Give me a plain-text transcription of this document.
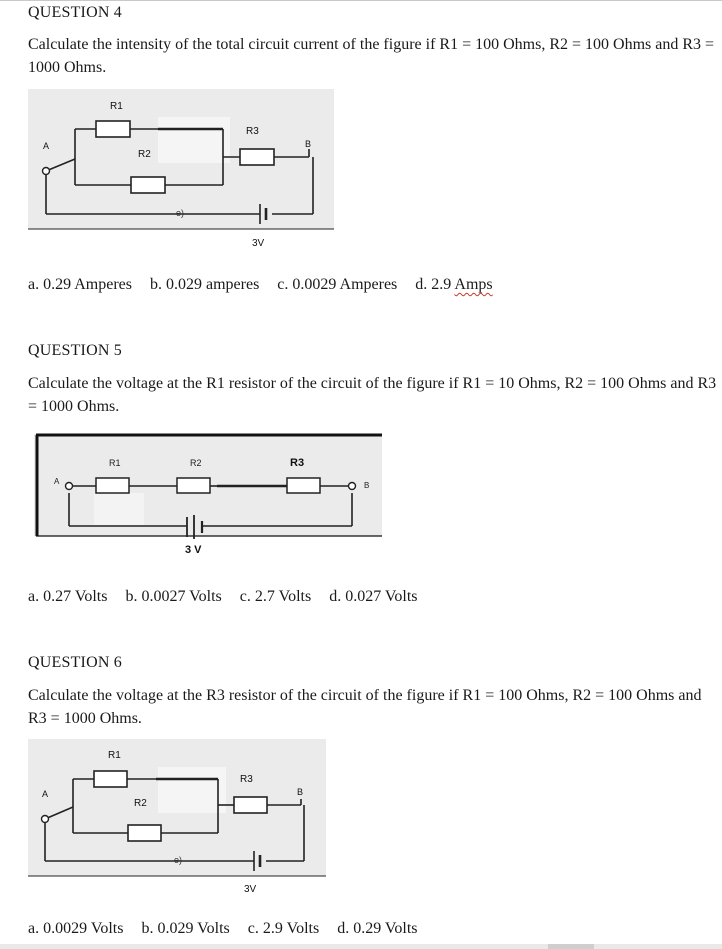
QUESTION 4
Calculate the intensity of the total circuit current of the figure if R1 = 100 Ohms, R2 = 100 Ohms and R3 = 1000 Ohms.
R1
R2
R3
A	B
e)
3V
a. 0.29 Amperes b. 0.029 amperes c. 0.0029 Amperes d. 2.9 Amps
QUESTION 5
Calculate the voltage at the R1 resistor of the circuit of the figure if R1 = 10 Ohms, R2 = 100 Ohms and R3 = 1000 Ohms.
R1	R2	R3
A	B
3 V
a. 0.27 Volts b. 0.0027 Volts c. 2.7 Volts d. 0.027 Volts
QUESTION 6
Calculate the voltage at the R3 resistor of the circuit of the figure if R1 = 100 Ohms, R2 = 100 Ohms and R3 = 1000 Ohms.
R1
R2
R3
A	B
e)
3V
a. 0.0029 Volts b. 0.029 Volts c. 2.9 Volts d. 0.29 Volts
